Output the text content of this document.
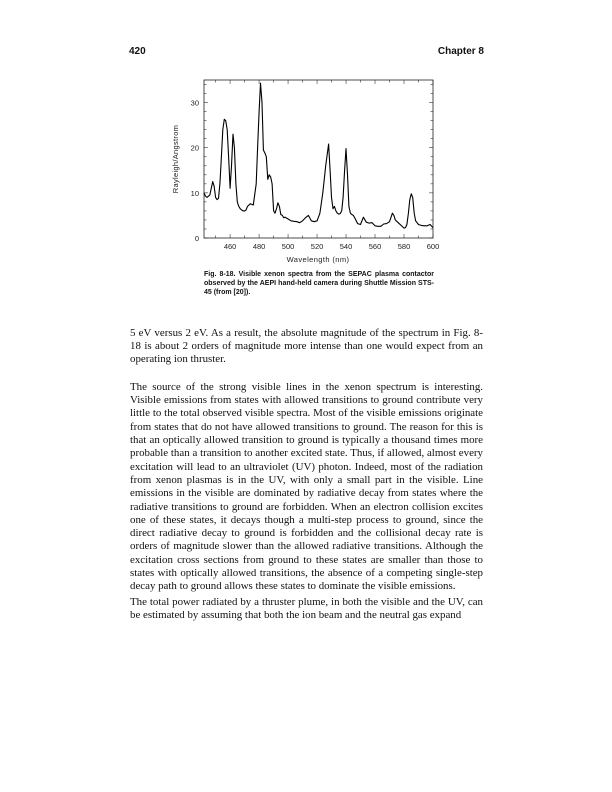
420	Chapter 8
460 480 500 520 540 560 580 600
0
10
20
30
Wavelength (nm)
Rayleigh/Angstrom
Fig. 8-18. Visible xenon spectra from the SEPAC plasma contactor observed by the AEPI hand-held camera during Shuttle Mission STS-45 (from [20]).

5 eV versus 2 eV. As a result, the absolute magnitude of the spectrum in Fig. 8-18 is about 2 orders of magnitude more intense than one would expect from an operating ion thruster.

The source of the strong visible lines in the xenon spectrum is interesting. Visible emissions from states with allowed transitions to ground contribute very little to the total observed visible spectra. Most of the visible emissions originate from states that do not have allowed transitions to ground. The reason for this is that an optically allowed transition to ground is typically a thousand times more probable than a transition to another excited state. Thus, if allowed, almost every excitation will lead to an ultraviolet (UV) photon. Indeed, most of the radiation from xenon plasmas is in the UV, with only a small part in the visible. Line emissions in the visible are dominated by radiative decay from states where the radiative transitions to ground are forbidden. When an electron collision excites one of these states, it decays though a multi-step process to ground, since the direct radiative decay to ground is forbidden and the collisional decay rate is orders of magnitude slower than the allowed radiative transitions. Although the excitation cross sections from ground to these states are smaller than those to states with optically allowed transitions, the absence of a competing single-step decay path to ground allows these states to dominate the visible emissions.

The total power radiated by a thruster plume, in both the visible and the UV, can be estimated by assuming that both the ion beam and the neutral gas expand
